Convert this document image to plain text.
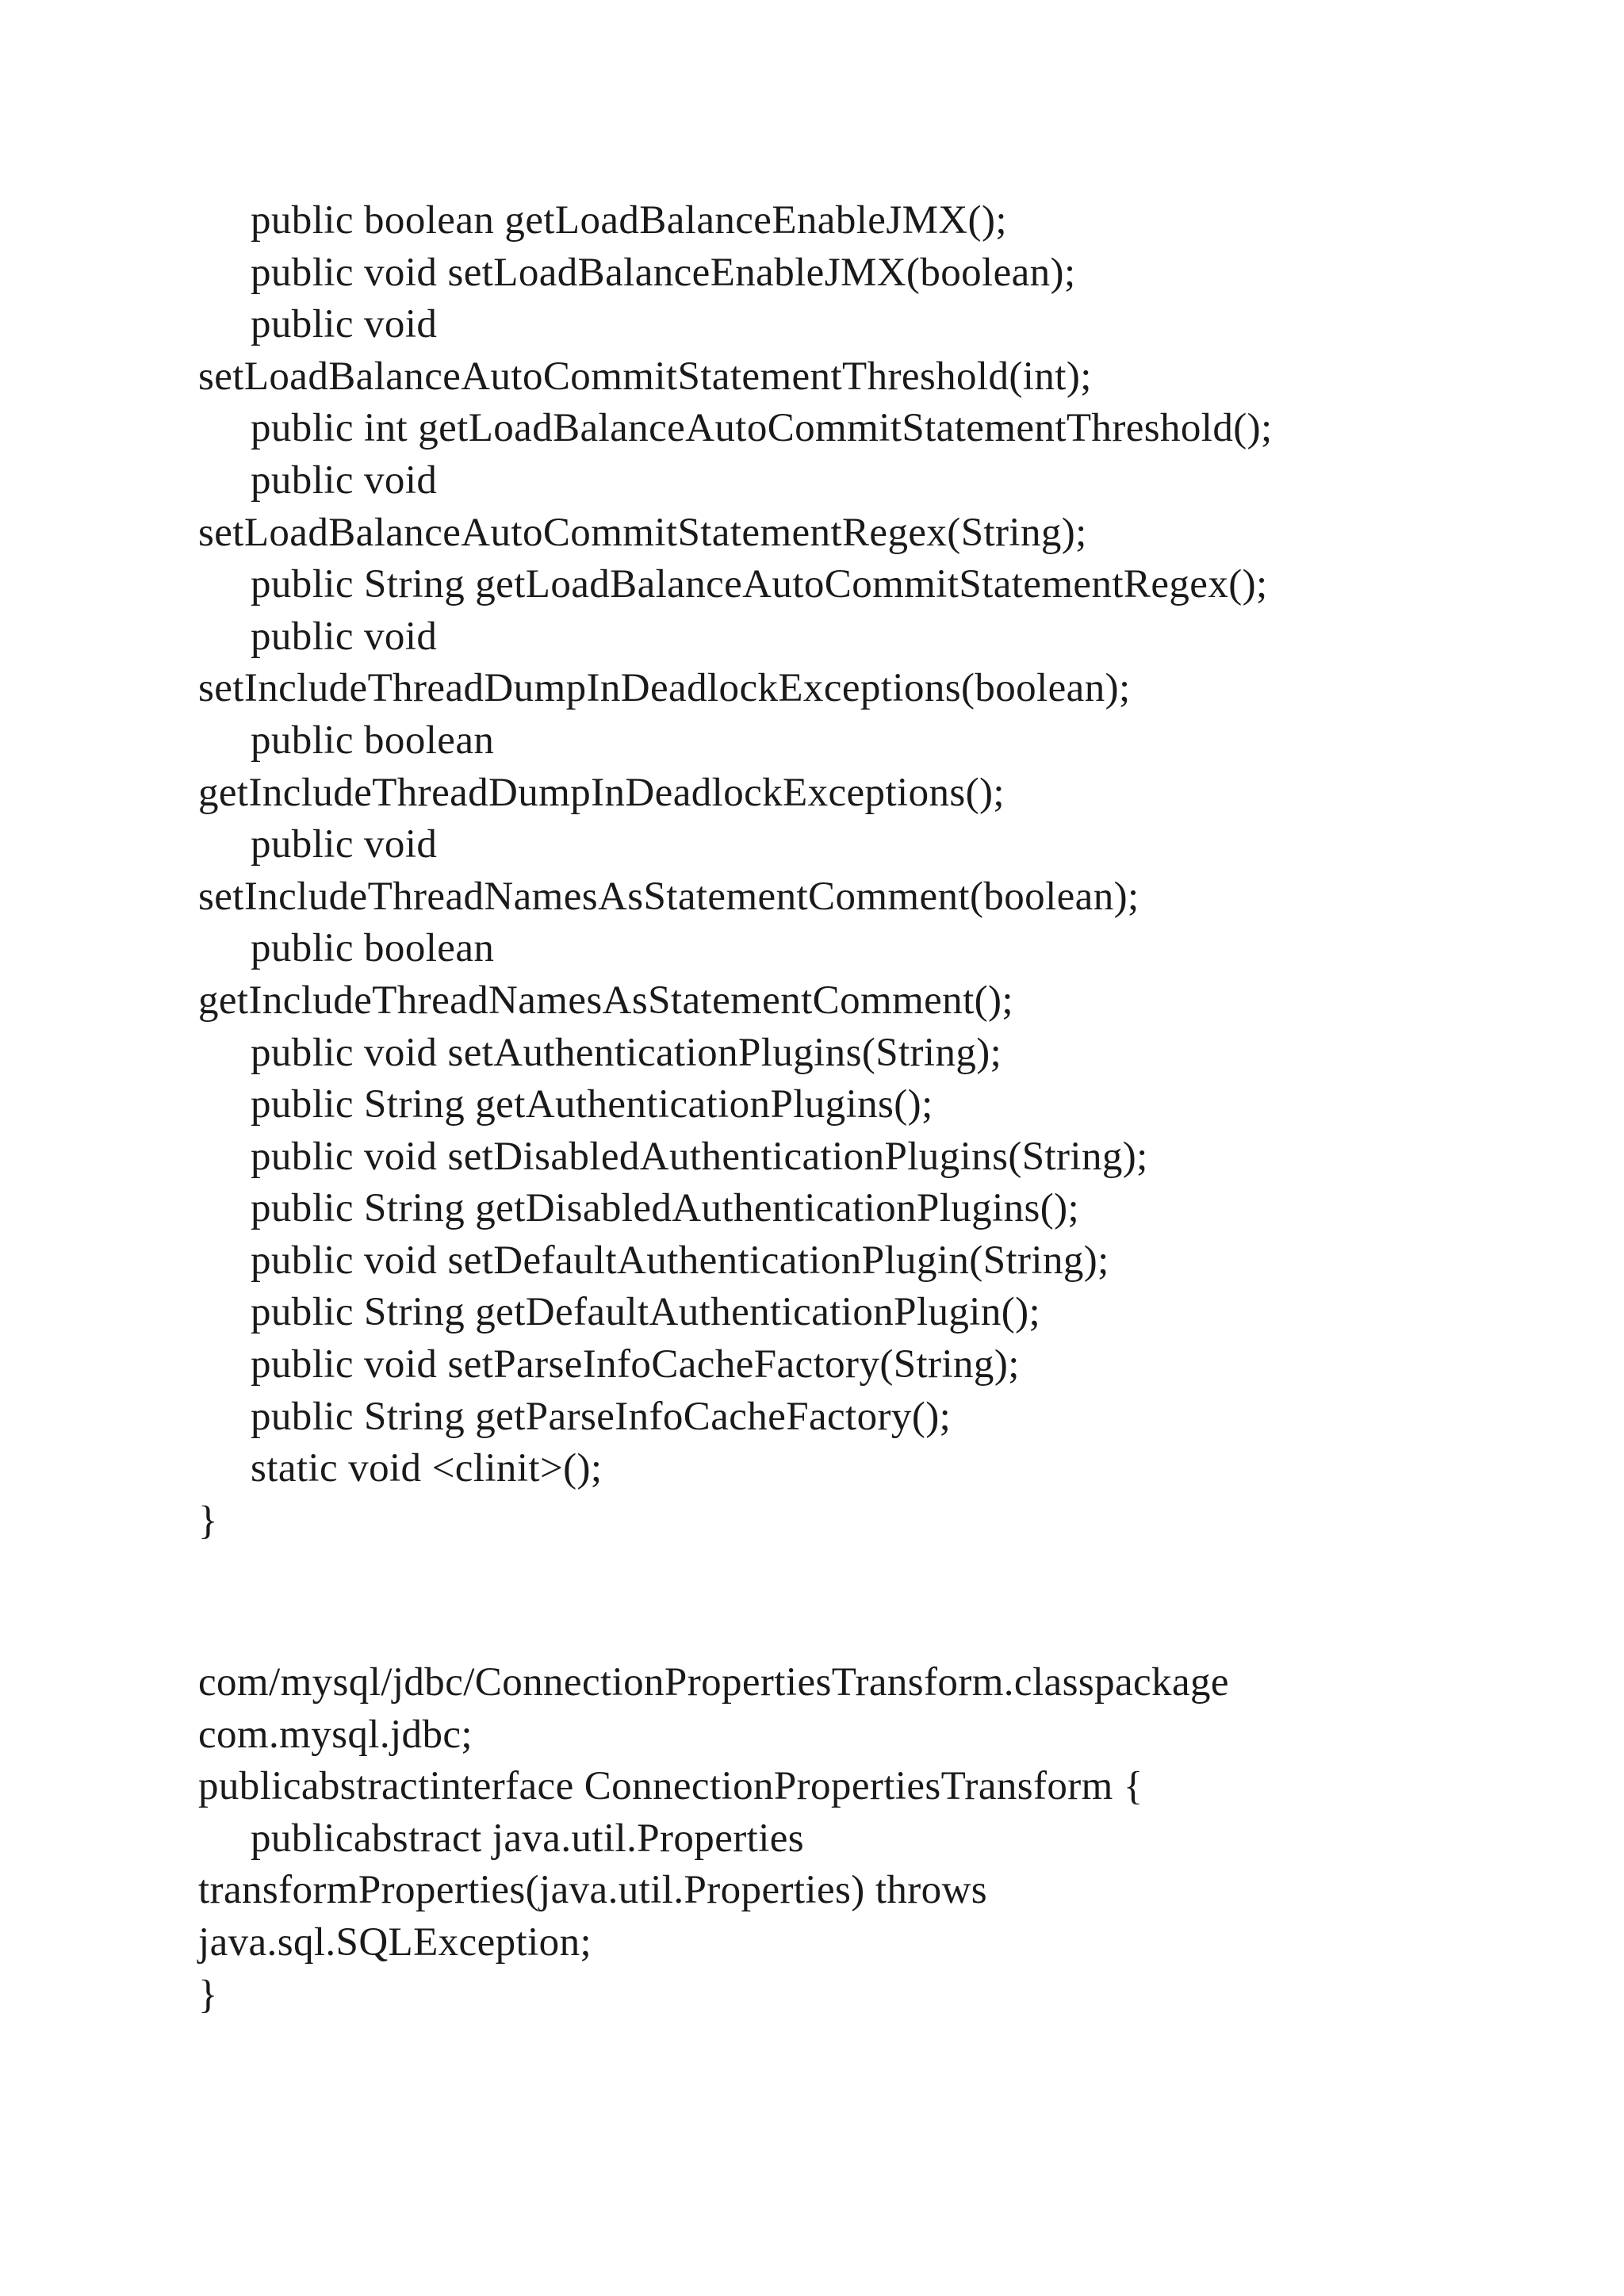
public boolean getLoadBalanceEnableJMX();
public void setLoadBalanceEnableJMX(boolean);
public void
setLoadBalanceAutoCommitStatementThreshold(int);
public int getLoadBalanceAutoCommitStatementThreshold();
public void
setLoadBalanceAutoCommitStatementRegex(String);
public String getLoadBalanceAutoCommitStatementRegex();
public void
setIncludeThreadDumpInDeadlockExceptions(boolean);
public boolean
getIncludeThreadDumpInDeadlockExceptions();
public void
setIncludeThreadNamesAsStatementComment(boolean);
public boolean
getIncludeThreadNamesAsStatementComment();
public void setAuthenticationPlugins(String);
public String getAuthenticationPlugins();
public void setDisabledAuthenticationPlugins(String);
public String getDisabledAuthenticationPlugins();
public void setDefaultAuthenticationPlugin(String);
public String getDefaultAuthenticationPlugin();
public void setParseInfoCacheFactory(String);
public String getParseInfoCacheFactory();
static void <clinit>();
}
com/mysql/jdbc/ConnectionPropertiesTransform.classpackage
com.mysql.jdbc;
publicabstractinterface ConnectionPropertiesTransform {
publicabstract java.util.Properties
transformProperties(java.util.Properties) throws
java.sql.SQLException;
}
